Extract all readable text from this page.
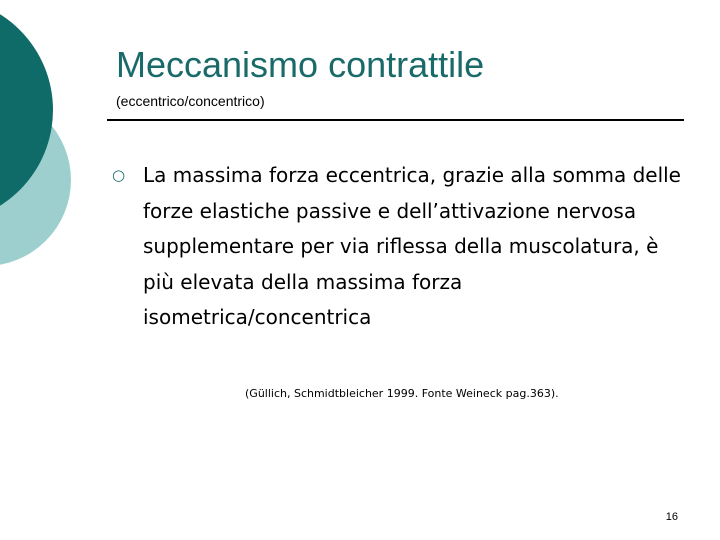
Meccanismo contrattile
(eccentrico/concentrico)
○ La massima forza eccentrica, grazie alla somma delle forze elastiche passive e dell’attivazione nervosa supplementare per via riflessa della muscolatura, è più elevata della massima forza isometrica/concentrica

(Güllich, Schmidtbleicher 1999. Fonte Weineck pag.363).
16
